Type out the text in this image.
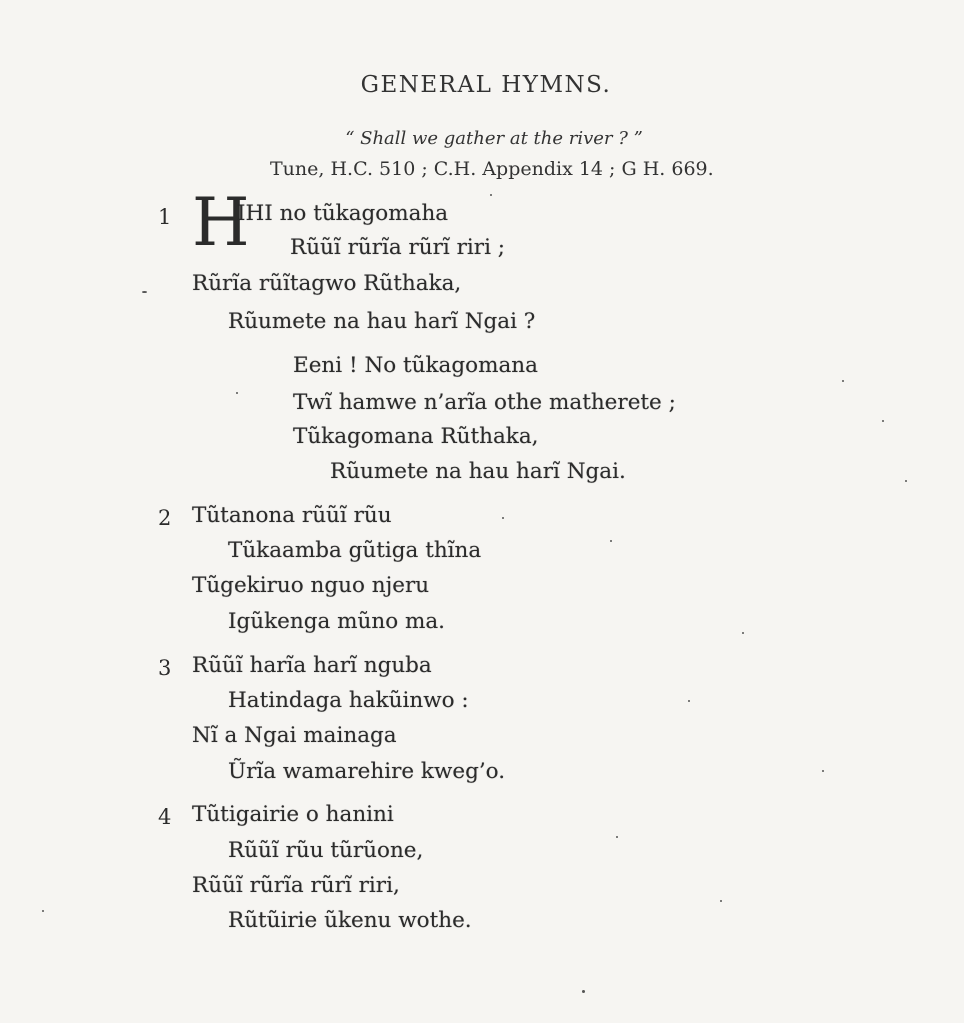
GENERAL HYMNS.
“ Shall we gather at the river ? ”
Tune, H.C. 510 ; C.H. Appendix 14 ; G H. 669.
1 H
IHI no tũkagomaha
Rũũĩ rũrĩa rũrĩ riri ;
Rũrĩa rũĩtagwo Rũthaka,
Rũumete na hau harĩ Ngai ?
Eeni ! No tũkagomana
Twĩ hamwe n’arĩa othe matherete ;
Tũkagomana Rũthaka,
Rũumete na hau harĩ Ngai.
2 Tũtanona rũũĩ rũu
Tũkaamba gũtiga thĩna
Tũgekiruo nguo njeru
Igũkenga mũno ma.
3 Rũũĩ harĩa harĩ nguba
Hatindaga hakũinwo :
Nĩ a Ngai mainaga
Ũrĩa wamarehire kweg’o.
4 Tũtigairie o hanini
Rũũĩ rũu tũrũone,
Rũũĩ rũrĩa rũrĩ riri,
Rũtũirie ũkenu wothe.
